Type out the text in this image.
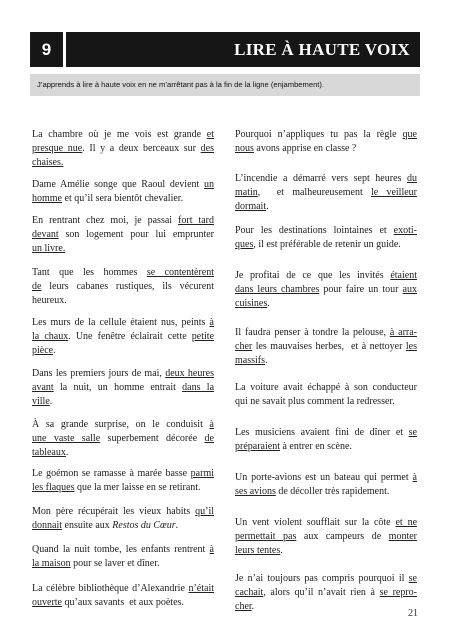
9	LIRE À HAUTE VOIX
J’apprends à lire à haute voix en ne m’arrêtant pas à la fin de la ligne (enjambement).
La chambre où je me vois est grande et
presque nue. Il y a deux berceaux sur des
chaises.
Dame Amélie songe que Raoul devient un
homme et qu’il sera bientôt chevalier.
En rentrant chez moi, je passai fort tard
devant son logement pour lui emprunter
un livre.
Tant que les hommes se contentèrent
de leurs cabanes rustiques, ils vécurent
heureux.
Les murs de la cellule étaient nus, peints à
la chaux. Une fenêtre éclairait cette petite
pièce.
Dans les premiers jours de mai, deux heures
avant la nuit, un homme entrait dans la
ville.
À sa grande surprise, on le conduisit à
une vaste salle superbement décorée de
tableaux.
Le goémon se ramasse à marée basse parmi
les flaques que la mer laisse en se retirant.
Mon père récupérait les vieux habits qu’il
donnait ensuite aux Restos du Cœur.
Quand la nuit tombe, les enfants rentrent à
la maison pour se laver et dîner.
La célèbre bibliothèque d’Alexandrie n’était
ouverte qu’aux savants  et aux poètes.
Pourquoi n’appliques tu pas la règle que
nous avons apprise en classe ?
L’incendie a démarré vers sept heures du
matin,  et malheureusement le veilleur
dormait.
Pour les destinations lointaines et exoti-
ques, il est préférable de retenir un guide.
Je profitai de ce que les invités étaient
dans leurs chambres pour faire un tour aux
cuisines.
Il faudra penser à tondre la pelouse, à arra-
cher les mauvaises herbes,  et à nettoyer les
massifs.
La voiture avait échappé à son conducteur
qui ne savait plus comment la redresser.
Les musiciens avaient fini de dîner et se
préparaient à entrer en scène.
Un porte-avions est un bateau qui permet à
ses avions de décoller très rapidement.
Un vent violent soufflait sur la côte et ne
permettait pas aux campeurs de monter
leurs tentes.
Je n’ai toujours pas compris pourquoi il se
cachait, alors qu’il n’avait rien à se repro-
cher.
21
